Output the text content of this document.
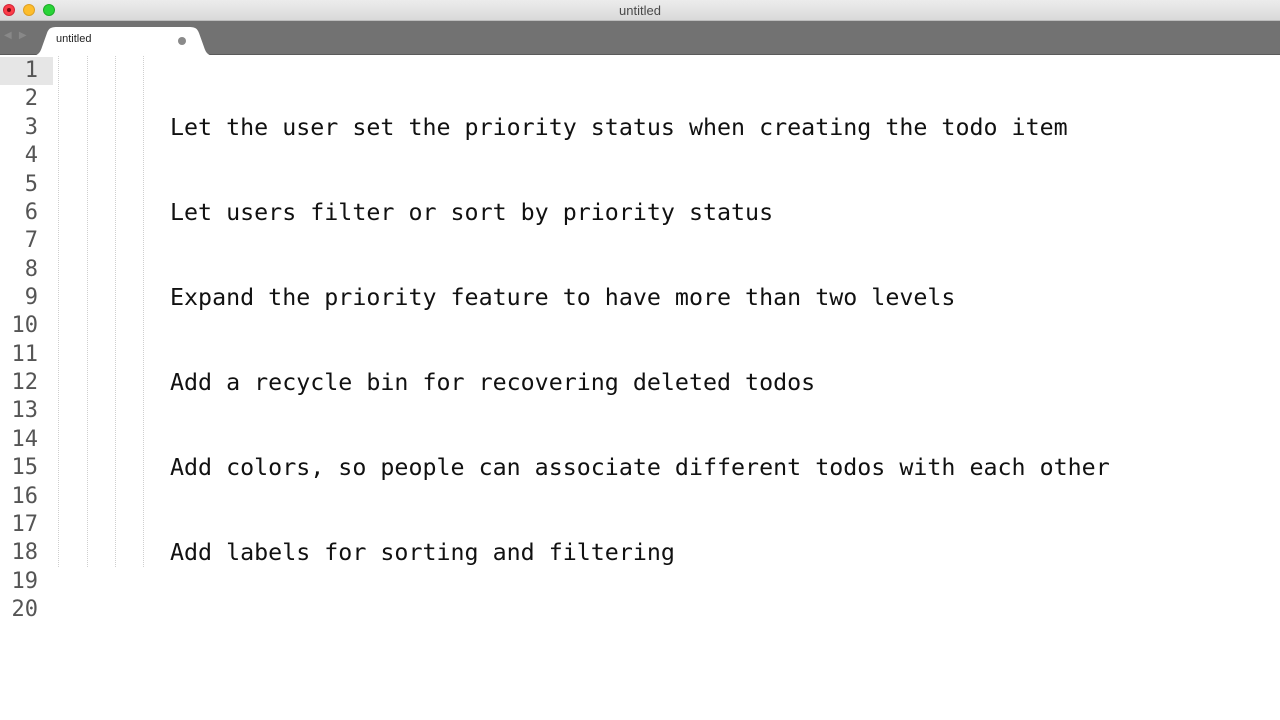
untitled
◀ ▶ untitled
1
2
3
4
5
6
7
8
9
10
11
12
13
14
15
16
17
18
19
20
Let the user set the priority status when creating the todo item
Let users filter or sort by priority status
Expand the priority feature to have more than two levels
Add a recycle bin for recovering deleted todos
Add colors, so people can associate different todos with each other
Add labels for sorting and filtering
